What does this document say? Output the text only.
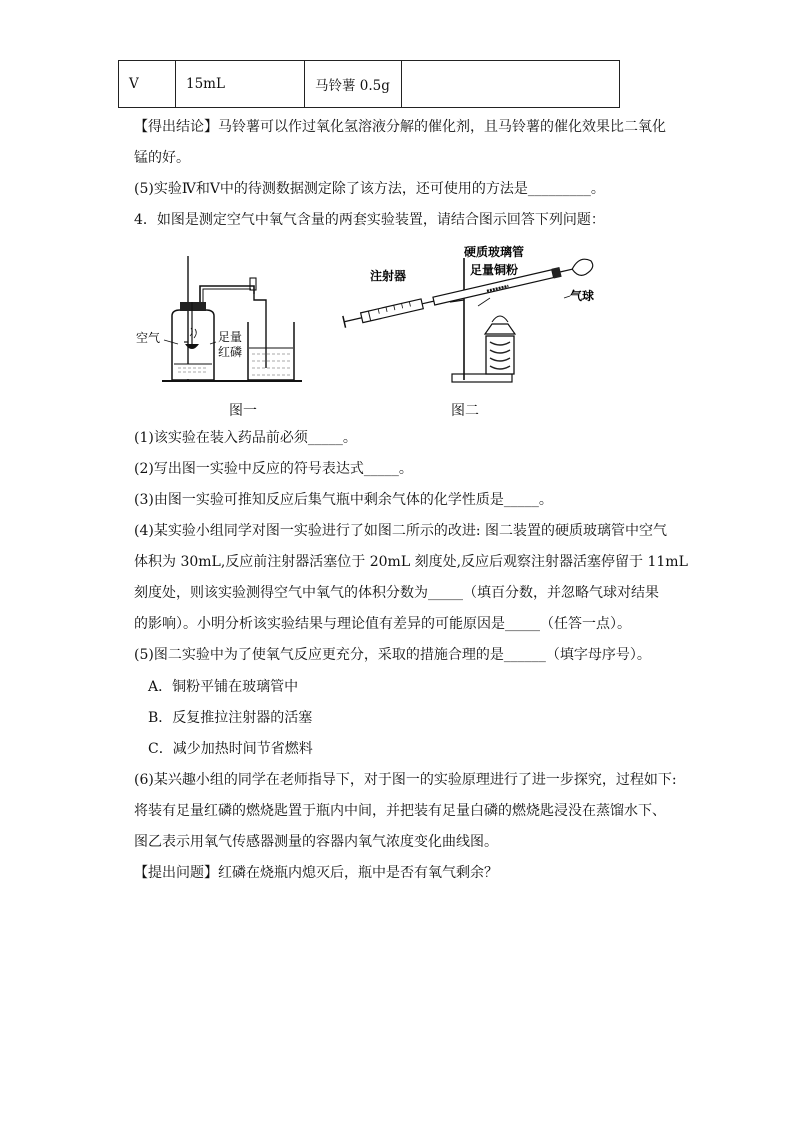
Ⅴ	15mL	马铃薯 0.5g	
【得出结论】马铃薯可以作过氧化氢溶液分解的催化剂，且马铃薯的催化效果比二氧化
锰的好。
(5)实验Ⅳ和Ⅴ中的待测数据测定除了该方法，还可使用的方法是_________。
4．如图是测定空气中氧气含量的两套实验装置，请结合图示回答下列问题：
空气	足量
红磷
图一
硬质玻璃管
注射器	足量铜粉
气球
图二
(1)该实验在装入药品前必须_____。
(2)写出图一实验中反应的符号表达式_____。
(3)由图一实验可推知反应后集气瓶中剩余气体的化学性质是_____。
(4)某实验小组同学对图一实验进行了如图二所示的改进: 图二装置的硬质玻璃管中空气
体积为 30mL,反应前注射器活塞位于 20mL 刻度处,反应后观察注射器活塞停留于 11mL
刻度处，则该实验测得空气中氧气的体积分数为_____（填百分数，并忽略气球对结果
的影响）。小明分析该实验结果与理论值有差异的可能原因是_____（任答一点）。
(5)图二实验中为了使氧气反应更充分，采取的措施合理的是______（填字母序号）。
A．铜粉平铺在玻璃管中
B．反复推拉注射器的活塞
C．减少加热时间节省燃料
(6)某兴趣小组的同学在老师指导下，对于图一的实验原理进行了进一步探究，过程如下:
将装有足量红磷的燃烧匙置于瓶内中间，并把装有足量白磷的燃烧匙浸没在蒸馏水下、
图乙表示用氧气传感器测量的容器内氧气浓度变化曲线图。
【提出问题】红磷在烧瓶内熄灭后，瓶中是否有氧气剩余？
